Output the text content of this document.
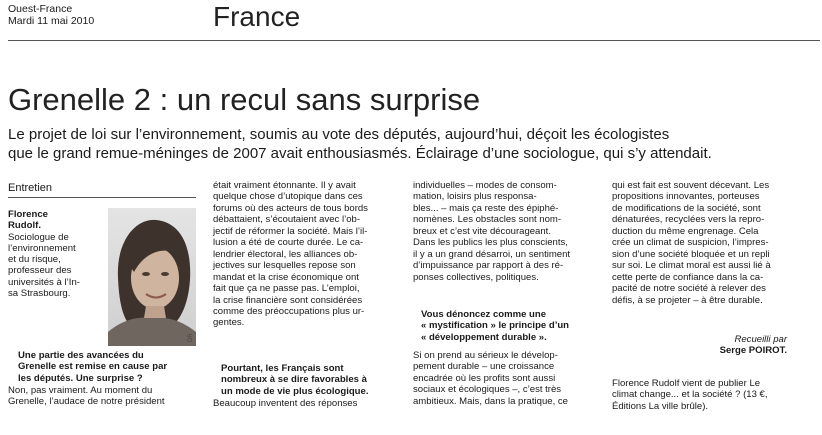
Ouest-France
Mardi 11 mai 2010	France
Grenelle 2 : un recul sans surprise
Le projet de loi sur l’environnement, soumis au vote des députés, aujourd’hui, déçoit les écologistes
que le grand remue-méninges de 2007 avait enthousiasmés. Éclairage d’une sociologue, qui s’y attendait.
Entretien
Florence
Rudolf.
Sociologue de
l’environnement
et du risque,
professeur des
universités à l’In-
sa Strasbourg.
DR
Une partie des avancées du
Grenelle est remise en cause par
les députés. Une surprise ?
Non, pas vraiment. Au moment du
Grenelle, l’audace de notre président
était vraiment étonnante. Il y avait
quelque chose d’utopique dans ces
forums où des acteurs de tous bords
débattaient, s’écoutaient avec l’ob-
jectif de réformer la société. Mais l’il-
lusion a été de courte durée. Le ca-
lendrier électoral, les alliances ob-
jectives sur lesquelles repose son
mandat et la crise économique ont
fait que ça ne passe pas. L’emploi,
la crise financière sont considérées
comme des préoccupations plus ur-
gentes.
Pourtant, les Français sont
nombreux à se dire favorables à
un mode de vie plus écologique.
Beaucoup inventent des réponses
individuelles – modes de consom-
mation, loisirs plus responsa-
bles... – mais ça reste des épiphé-
nomènes. Les obstacles sont nom-
breux et c’est vite décourageant.
Dans les publics les plus conscients,
il y a un grand désarroi, un sentiment
d’impuissance par rapport à des ré-
ponses collectives, politiques.
Vous dénoncez comme une
« mystification » le principe d’un
« développement durable ».
Si on prend au sérieux le dévelop-
pement durable – une croissance
encadrée où les profits sont aussi
sociaux et écologiques –, c’est très
ambitieux. Mais, dans la pratique, ce
qui est fait est souvent décevant. Les
propositions innovantes, porteuses
de modifications de la société, sont
dénaturées, recyclées vers la repro-
duction du même engrenage. Cela
crée un climat de suspicion, l’impres-
sion d’une société bloquée et un repli
sur soi. Le climat moral est aussi lié à
cette perte de confiance dans la ca-
pacité de notre société à relever des
défis, à se projeter – à être durable.
Recueilli par
Serge POIROT.
Florence Rudolf vient de publier Le
climat change... et la société ? (13 €,
Éditions La ville brûle).
